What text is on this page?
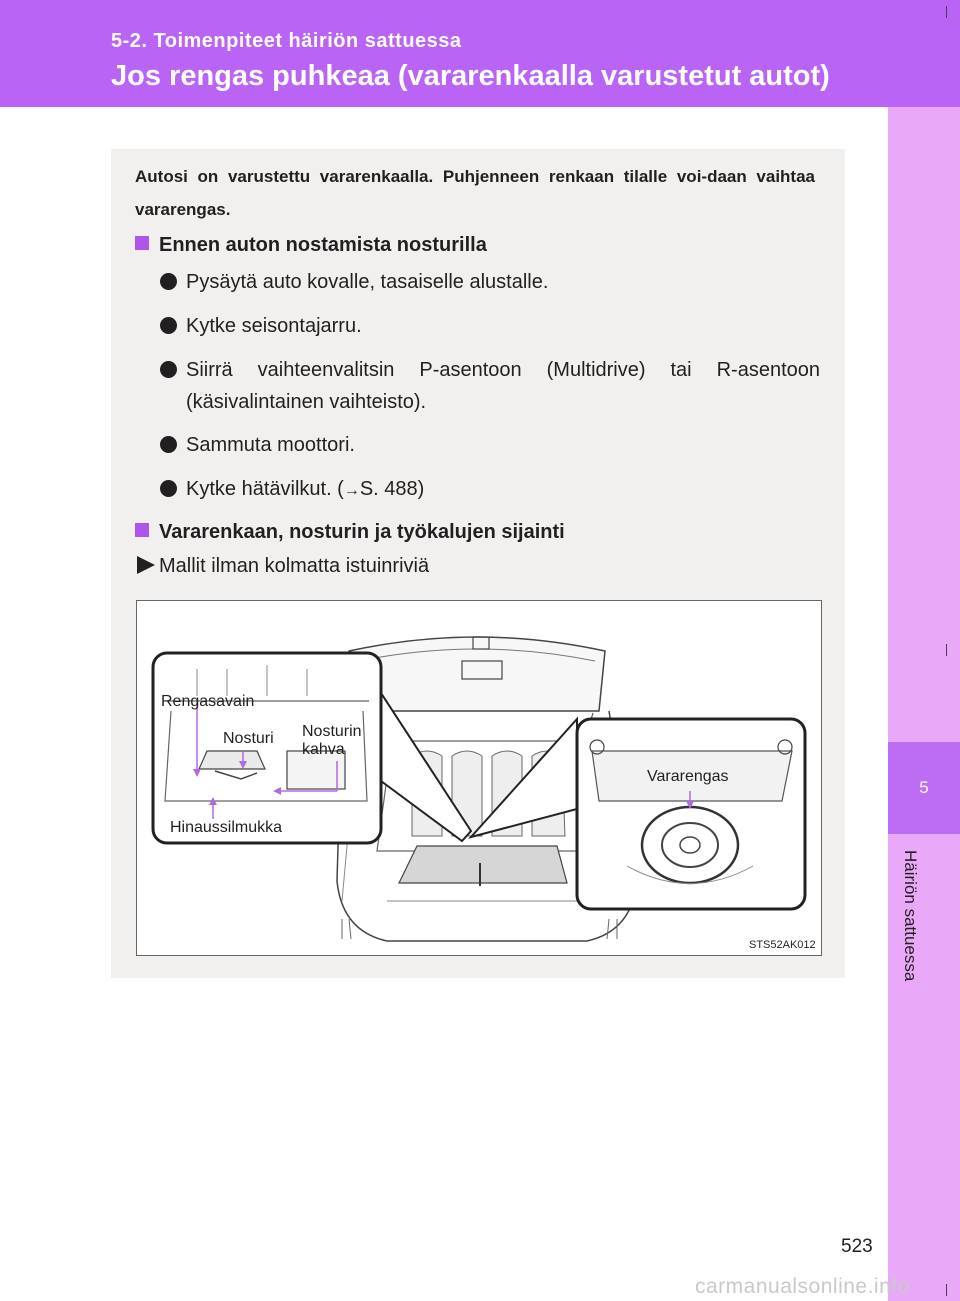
5-2. Toimenpiteet häiriön sattuessa
Jos rengas puhkeaa (vararenkaalla varustetut autot)
5
Häiriön sattuessa
Autosi on varustettu vararenkaalla. Puhjenneen renkaan tilalle voi-daan vaihtaa vararengas.
Ennen auton nostamista nosturilla
Pysäytä auto kovalle, tasaiselle alustalle.
Kytke seisontajarru.
Siirrä vaihteenvalitsin P-asentoon (Multidrive) tai R-asentoon (käsivalintainen vaihteisto).
Sammuta moottori.
Kytke hätävilkut. (→S. 488)
Vararenkaan, nosturin ja työkalujen sijainti
Mallit ilman kolmatta istuinriviä
Rengasavain
Nosturi Nosturin
kahva
Hinaussilmukka
Vararengas
STS52AK012
523
carmanualsonline.info
